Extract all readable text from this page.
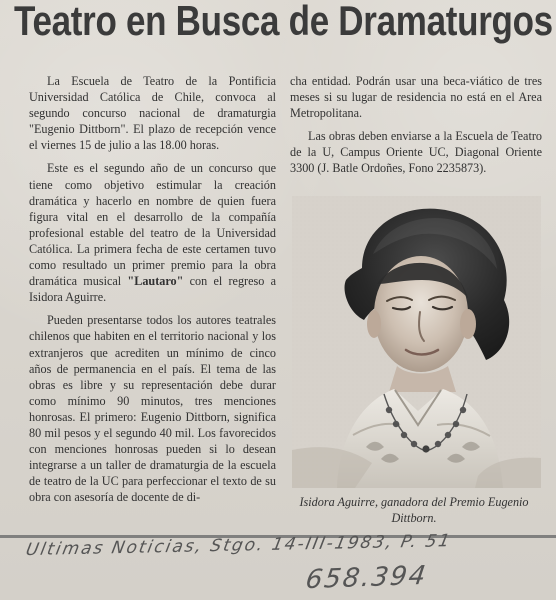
Teatro en Busca de Dramaturgos

La Escuela de Teatro de la Pontificia Universidad Católica de Chile, convoca al segundo concurso nacional de dramaturgia "Eugenio Dittborn". El plazo de recepción vence el viernes 15 de julio a las 18.00 horas.

Este es el segundo año de un concurso que tiene como objetivo estimular la creación dramática y hacerlo en nombre de quien fuera figura vital en el desarrollo de la compañía profesional estable del teatro de la Universidad Católica. La primera fecha de este certamen tuvo como resultado un primer premio para la obra dramática musical "Lautaro" con el regreso a Isidora Aguirre.

Pueden presentarse todos los autores teatrales chilenos que habiten en el territorio nacional y los extranjeros que acrediten un mínimo de cinco años de permanencia en el país. El tema de las obras es libre y su representación debe durar como mínimo 90 minutos, tres menciones honrosas. El primero: Eugenio Dittborn, significa 80 mil pesos y el segundo 40 mil. Los favorecidos con menciones honrosas pueden si lo desean integrarse a un taller de dramaturgia de la escuela de teatro de la UC para perfeccionar el texto de su obra con asesoría de docente de di-

cha entidad. Podrán usar una beca-viático de tres meses si su lugar de residencia no está en el Area Metropolitana.

Las obras deben enviarse a la Escuela de Teatro de la U, Campus Oriente UC, Diagonal Oriente 3300 (J. Batle Ordoñes, Fono 2235873).

Isidora Aguirre, ganadora del Premio Eugenio Dittborn.
Ultimas Noticias, Stgo. 14-III-1983, P. 51
658.394
